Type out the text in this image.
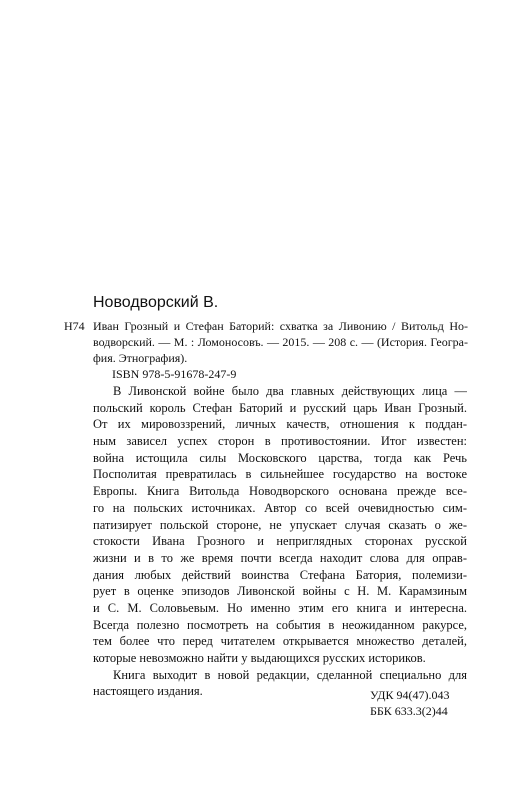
Новодворский В.
Н74 Иван Грозный и Стефан Баторий: схватка за Ливонию / Витольд Но-
водворский. — М. : Ломоносовъ. — 2015. — 208 с. — (История. Геогра-
фия. Этнография).
ISBN 978-5-91678-247-9
В Ливонской войне было два главных действующих лица —
польский король Стефан Баторий и русский царь Иван Грозный.
От их мировоззрений, личных качеств, отношения к поддан-
ным зависел успех сторон в противостоянии. Итог известен:
война истощила силы Московского царства, тогда как Речь
Посполитая превратилась в сильнейшее государство на востоке
Европы. Книга Витольда Новодворского основана прежде все-
го на польских источниках. Автор со всей очевидностью сим-
патизирует польской стороне, не упускает случая сказать о же-
стокости Ивана Грозного и неприглядных сторонах русской
жизни и в то же время почти всегда находит слова для оправ-
дания любых действий воинства Стефана Батория, полемизи-
рует в оценке эпизодов Ливонской войны с Н. М. Карамзиным
и С. М. Соловьевым. Но именно этим его книга и интересна.
Всегда полезно посмотреть на события в неожиданном ракурсе,
тем более что перед читателем открывается множество деталей,
которые невозможно найти у выдающихся русских историков.
Книга выходит в новой редакции, сделанной специально для
настоящего издания.	УДК 94(47).043
ББК 633.3(2)44
